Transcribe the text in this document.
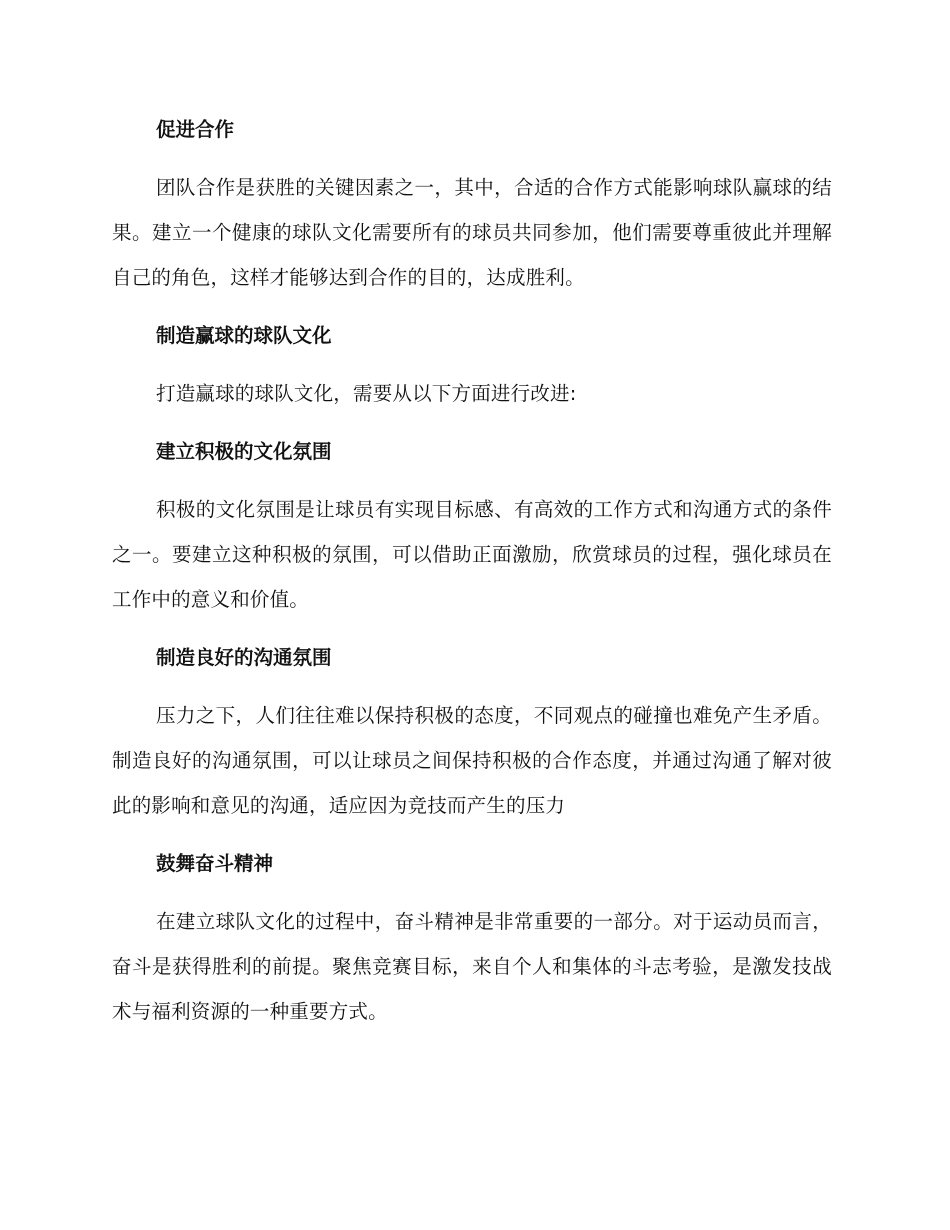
促进合作

团队合作是获胜的关键因素之一，其中，合适的合作方式能影响球队赢球的结果。建立一个健康的球队文化需要所有的球员共同参加，他们需要尊重彼此并理解自己的角色，这样才能够达到合作的目的，达成胜利。

制造赢球的球队文化

打造赢球的球队文化，需要从以下方面进行改进:

建立积极的文化氛围

积极的文化氛围是让球员有实现目标感、有高效的工作方式和沟通方式的条件之一。要建立这种积极的氛围，可以借助正面激励，欣赏球员的过程，强化球员在工作中的意义和价值。

制造良好的沟通氛围

压力之下，人们往往难以保持积极的态度，不同观点的碰撞也难免产生矛盾。制造良好的沟通氛围，可以让球员之间保持积极的合作态度，并通过沟通了解对彼此的影响和意见的沟通，适应因为竞技而产生的压力

鼓舞奋斗精神

在建立球队文化的过程中，奋斗精神是非常重要的一部分。对于运动员而言，奋斗是获得胜利的前提。聚焦竞赛目标，来自个人和集体的斗志考验，是激发技战术与福利资源的一种重要方式。
